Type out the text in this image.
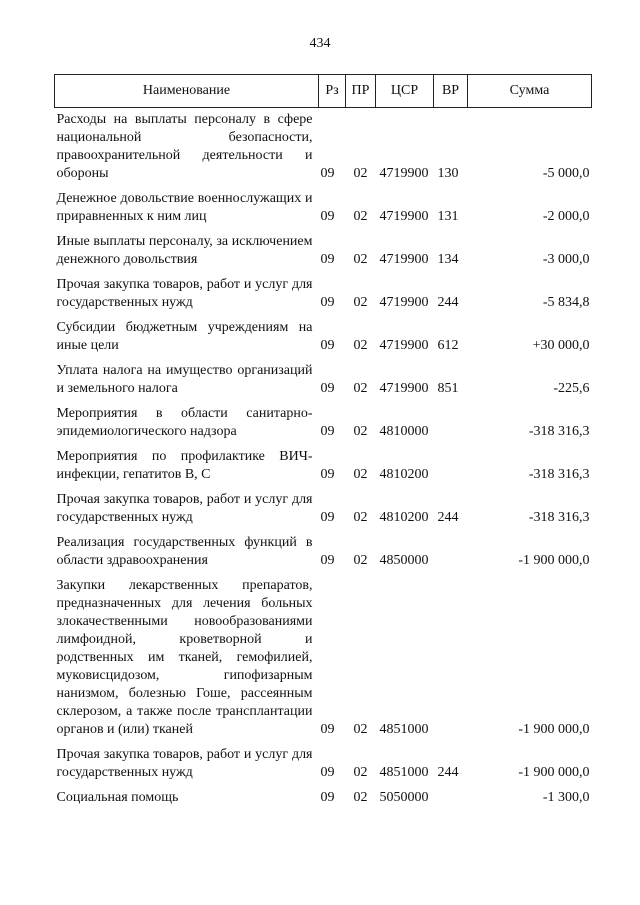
434
Наименование	Рз	ПР	ЦСР	ВР	Сумма
Расходы на выплаты персоналу в сфере национальной безопасности, правоохранительной деятельности и обороны	09	02	4719900	130	-5 000,0
Денежное довольствие военнослужащих и приравненных к ним лиц	09	02	4719900	131	-2 000,0
Иные выплаты персоналу, за исключением денежного довольствия	09	02	4719900	134	-3 000,0
Прочая закупка товаров, работ и услуг для государственных нужд	09	02	4719900	244	-5 834,8
Субсидии бюджетным учреждениям на иные цели	09	02	4719900	612	+30 000,0
Уплата налога на имущество организаций и земельного налога	09	02	4719900	851	-225,6
Мероприятия в области санитарно-эпидемиологического надзора	09	02	4810000		-318 316,3
Мероприятия по профилактике ВИЧ-инфекции, гепатитов В, С	09	02	4810200		-318 316,3
Прочая закупка товаров, работ и услуг для государственных нужд	09	02	4810200	244	-318 316,3
Реализация государственных функций в области здравоохранения	09	02	4850000		-1 900 000,0
Закупки лекарственных препаратов, предназначенных для лечения больных злокачественными новообразованиями лимфоидной, кроветворной и родственных им тканей, гемофилией, муковисцидозом, гипофизарным нанизмом, болезнью Гоше, рассеянным склерозом, а также после трансплантации органов и (или) тканей	09	02	4851000		-1 900 000,0
Прочая закупка товаров, работ и услуг для государственных нужд	09	02	4851000	244	-1 900 000,0
Социальная помощь	09	02	5050000		-1 300,0
